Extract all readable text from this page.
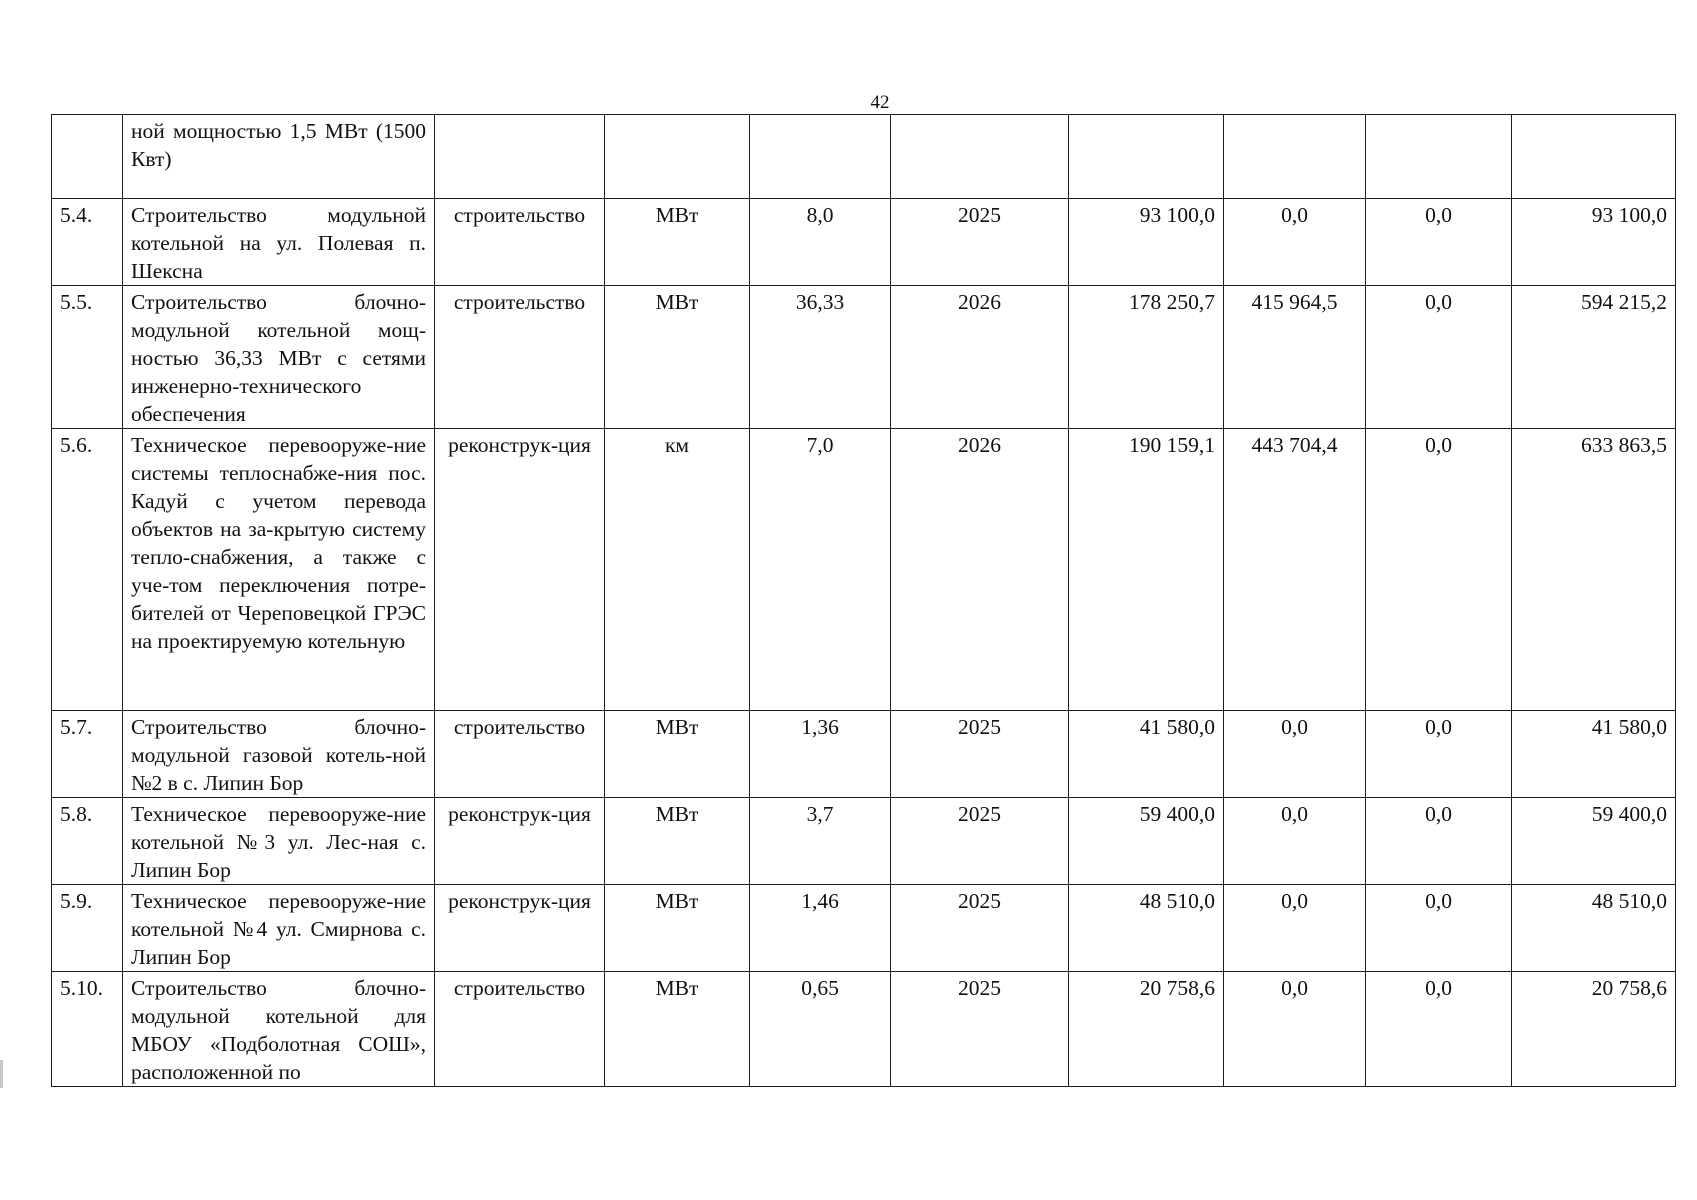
42
	ной мощностью 1,5 МВт (1500 Квт)								
5.4.	Строительство модульной котельной на ул. Полевая п. Шексна	строительство	МВт	8,0	2025	93 100,0	0,0	0,0	93 100,0
5.5.	Строительство блочно-модульной котельной мощ-ностью 36,33 МВт с сетями инженерно-технического обеспечения	строительство	МВт	36,33	2026	178 250,7	415 964,5	0,0	594 215,2
5.6.	Техническое перевооруже-ние системы теплоснабже-ния пос. Кадуй с учетом перевода объектов на за-крытую систему тепло-снабжения, а также с уче-том переключения потре-бителей от Череповецкой ГРЭС на проектируемую котельную	реконструк-ция	км	7,0	2026	190 159,1	443 704,4	0,0	633 863,5
5.7.	Строительство блочно-модульной газовой котель-ной №2 в с. Липин Бор	строительство	МВт	1,36	2025	41 580,0	0,0	0,0	41 580,0
5.8.	Техническое перевооруже-ние котельной №3 ул. Лес-ная с. Липин Бор	реконструк-ция	МВт	3,7	2025	59 400,0	0,0	0,0	59 400,0
5.9.	Техническое перевооруже-ние котельной №4 ул. Смирнова с. Липин Бор	реконструк-ция	МВт	1,46	2025	48 510,0	0,0	0,0	48 510,0
5.10.	Строительство блочно-модульной котельной для МБОУ «Подболотная СОШ», расположенной по	строительство	МВт	0,65	2025	20 758,6	0,0	0,0	20 758,6
